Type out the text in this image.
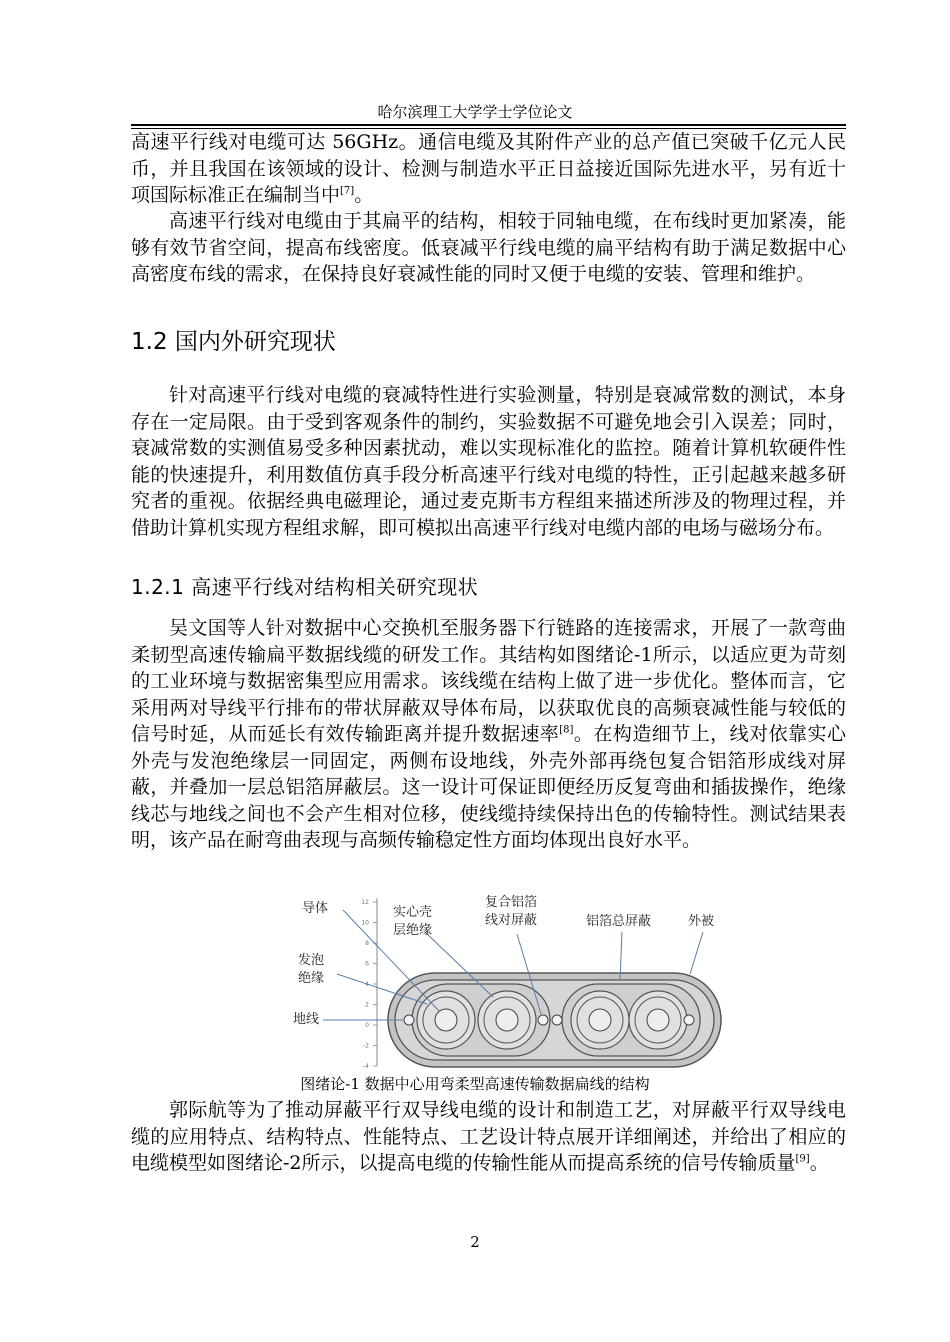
哈尔滨理工大学学士学位论文

高速平行线对电缆可达 56GHz。通信电缆及其附件产业的总产值已突破千亿元人民币，并且我国在该领域的设计、检测与制造水平正日益接近国际先进水平，另有近十项国际标准正在编制当中[7]。

高速平行线对电缆由于其扁平的结构，相较于同轴电缆，在布线时更加紧凑，能够有效节省空间，提高布线密度。低衰减平行线电缆的扁平结构有助于满足数据中心高密度布线的需求，在保持良好衰减性能的同时又便于电缆的安装、管理和维护。

1.2 国内外研究现状

针对高速平行线对电缆的衰减特性进行实验测量，特别是衰减常数的测试，本身存在一定局限。由于受到客观条件的制约，实验数据不可避免地会引入误差；同时，衰减常数的实测值易受多种因素扰动，难以实现标准化的监控。随着计算机软硬件性能的快速提升，利用数值仿真手段分析高速平行线对电缆的特性，正引起越来越多研究者的重视。依据经典电磁理论，通过麦克斯韦方程组来描述所涉及的物理过程，并借助计算机实现方程组求解，即可模拟出高速平行线对电缆内部的电场与磁场分布。

1.2.1 高速平行线对结构相关研究现状

吴文国等人针对数据中心交换机至服务器下行链路的连接需求，开展了一款弯曲柔韧型高速传输扁平数据线缆的研发工作。其结构如图绪论-1所示，以适应更为苛刻的工业环境与数据密集型应用需求。该线缆在结构上做了进一步优化。整体而言，它采用两对导线平行排布的带状屏蔽双导体布局，以获取优良的高频衰减性能与较低的信号时延，从而延长有效传输距离并提升数据速率[8]。在构造细节上，线对依靠实心外壳与发泡绝缘层一同固定，两侧布设地线，外壳外部再绕包复合铝箔形成线对屏蔽，并叠加一层总铝箔屏蔽层。这一设计可保证即便经历反复弯曲和插拔操作，绝缘线芯与地线之间也不会产生相对位移，使线缆持续保持出色的传输特性。测试结果表明，该产品在耐弯曲表现与高频传输稳定性方面均体现出良好水平。

12
10
8
6
4
2
0
-2
-4
导体	实心壳
层绝缘
复合铝箔
线对屏蔽	铝箔总屏蔽	外被
发泡
绝缘
地线
图绪论-1 数据中心用弯柔型高速传输数据扁线的结构

郭际航等为了推动屏蔽平行双导线电缆的设计和制造工艺，对屏蔽平行双导线电缆的应用特点、结构特点、性能特点、工艺设计特点展开详细阐述，并给出了相应的电缆模型如图绪论-2所示，以提高电缆的传输性能从而提高系统的信号传输质量[9]。

2
